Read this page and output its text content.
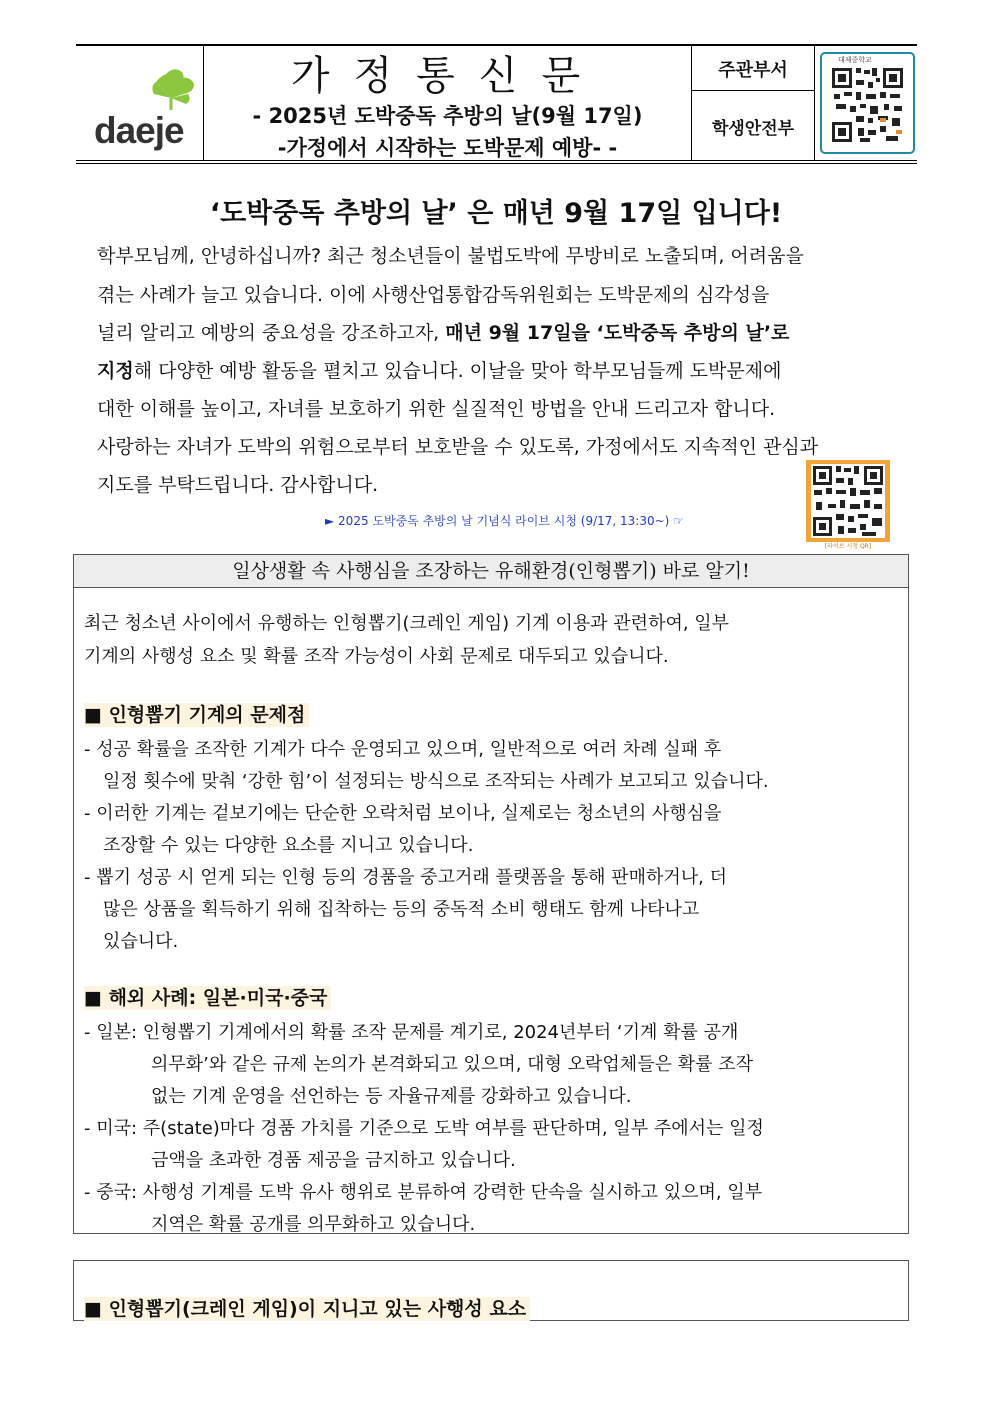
daeje
가정통신문
- 2025년 도박중독 추방의 날(9월 17일)
-가정에서 시작하는 도박문제 예방- -
주관부서
학생안전부
대제중학교
‘도박중독 추방의 날’ 은 매년 9월 17일 입니다!
학부모님께, 안녕하십니까? 최근 청소년들이 불법도박에 무방비로 노출되며, 어려움을
겪는 사례가 늘고 있습니다. 이에 사행산업통합감독위원회는 도박문제의 심각성을
널리 알리고 예방의 중요성을 강조하고자, 매년 9월 17일을 ‘도박중독 추방의 날’로
지정해 다양한 예방 활동을 펼치고 있습니다. 이날을 맞아 학부모님들께 도박문제에
대한 이해를 높이고, 자녀를 보호하기 위한 실질적인 방법을 안내 드리고자 합니다.
사랑하는 자녀가 도박의 위험으로부터 보호받을 수 있도록, 가정에서도 지속적인 관심과
지도를 부탁드립니다. 감사합니다.
► 2025 도박중독 추방의 날 기념식 라이브 시청 (9/17, 13:30~) ☞
[라이브 시청 QR]
일상생활 속 사행심을 조장하는 유해환경(인형뽑기) 바로 알기!
최근 청소년 사이에서 유행하는 인형뽑기(크레인 게임) 기계 이용과 관련하여, 일부
기계의 사행성 요소 및 확률 조작 가능성이 사회 문제로 대두되고 있습니다.
■ 인형뽑기 기계의 문제점
- 성공 확률을 조작한 기계가 다수 운영되고 있으며, 일반적으로 여러 차례 실패 후
일정 횟수에 맞춰 ‘강한 힘’이 설정되는 방식으로 조작되는 사례가 보고되고 있습니다.
- 이러한 기계는 겉보기에는 단순한 오락처럼 보이나, 실제로는 청소년의 사행심을
조장할 수 있는 다양한 요소를 지니고 있습니다.
- 뽑기 성공 시 얻게 되는 인형 등의 경품을 중고거래 플랫폼을 통해 판매하거나, 더
많은 상품을 획득하기 위해 집착하는 등의 중독적 소비 행태도 함께 나타나고
있습니다.
■ 해외 사례: 일본·미국·중국
- 일본: 인형뽑기 기계에서의 확률 조작 문제를 계기로, 2024년부터 ‘기계 확률 공개
의무화’와 같은 규제 논의가 본격화되고 있으며, 대형 오락업체들은 확률 조작
없는 기계 운영을 선언하는 등 자율규제를 강화하고 있습니다.
- 미국: 주(state)마다 경품 가치를 기준으로 도박 여부를 판단하며, 일부 주에서는 일정
금액을 초과한 경품 제공을 금지하고 있습니다.
- 중국: 사행성 기계를 도박 유사 행위로 분류하여 강력한 단속을 실시하고 있으며, 일부
지역은 확률 공개를 의무화하고 있습니다.
■ 인형뽑기(크레인 게임)이 지니고 있는 사행성 요소
